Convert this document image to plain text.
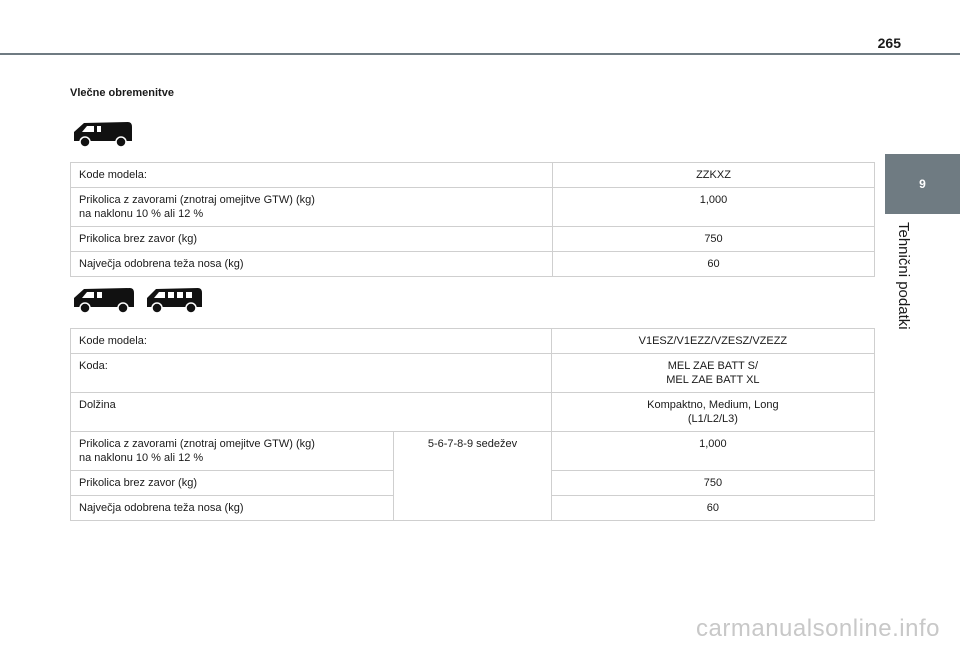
265
9
Tehnični podatki
Vlečne obremenitve
Kode modela:	ZZKXZ
Prikolica z zavorami (znotraj omejitve GTW) (kg)
na naklonu 10 % ali 12 %	1,000
Prikolica brez zavor (kg)	750
Največja odobrena teža nosa (kg)	60
Kode modela:		V1ESZ/V1EZZ/VZESZ/VZEZZ
Koda:		MEL ZAE BATT S/
MEL ZAE BATT XL
Dolžina		Kompaktno, Medium, Long
(L1/L2/L3)
Prikolica z zavorami (znotraj omejitve GTW) (kg)
na naklonu 10 % ali 12 %	5-6-7-8-9 sedežev	1,000
Prikolica brez zavor (kg)		750
Največja odobrena teža nosa (kg)		60
carmanualsonline.info
